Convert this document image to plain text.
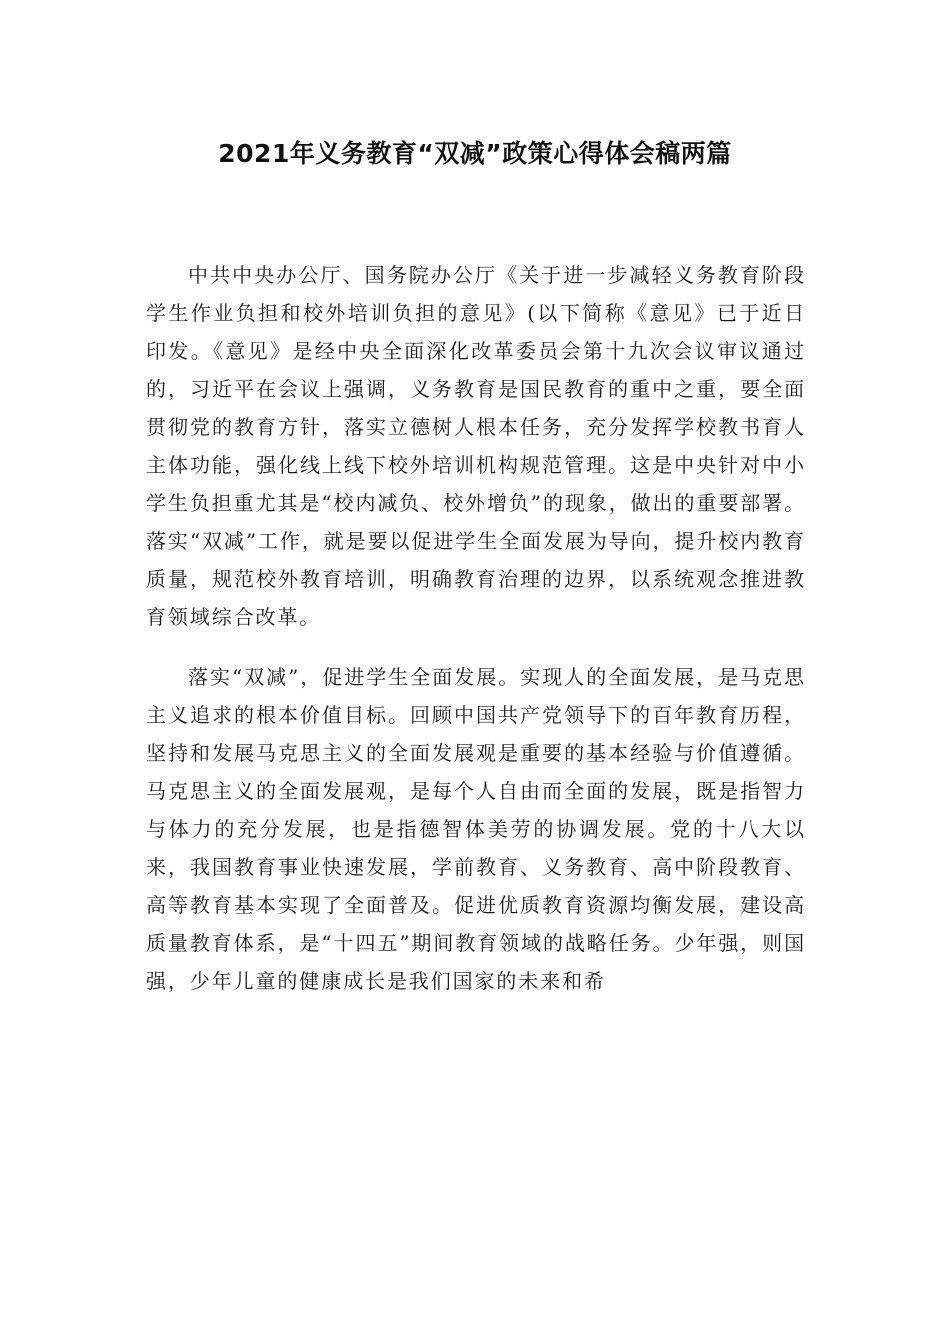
2021年义务教育“双减”政策心得体会稿两篇

中共中央办公厅、国务院办公厅《关于进一步减轻义务教育阶段学生作业负担和校外培训负担的意见》(以下简称《意见》已于近日印发。《意见》是经中央全面深化改革委员会第十九次会议审议通过的，习近平在会议上强调，义务教育是国民教育的重中之重，要全面贯彻党的教育方针，落实立德树人根本任务，充分发挥学校教书育人主体功能，强化线上线下校外培训机构规范管理。这是中央针对中小学生负担重尤其是“校内减负、校外增负”的现象，做出的重要部署。落实“双减”工作，就是要以促进学生全面发展为导向，提升校内教育质量，规范校外教育培训，明确教育治理的边界，以系统观念推进教育领域综合改革。

落实“双减”，促进学生全面发展。实现人的全面发展，是马克思主义追求的根本价值目标。回顾中国共产党领导下的百年教育历程，坚持和发展马克思主义的全面发展观是重要的基本经验与价值遵循。马克思主义的全面发展观，是每个人自由而全面的发展，既是指智力与体力的充分发展，也是指德智体美劳的协调发展。党的十八大以来，我国教育事业快速发展，学前教育、义务教育、高中阶段教育、高等教育基本实现了全面普及。促进优质教育资源均衡发展，建设高质量教育体系，是“十四五”期间教育领域的战略任务。少年强，则国强，少年儿童的健康成长是我们国家的未来和希
